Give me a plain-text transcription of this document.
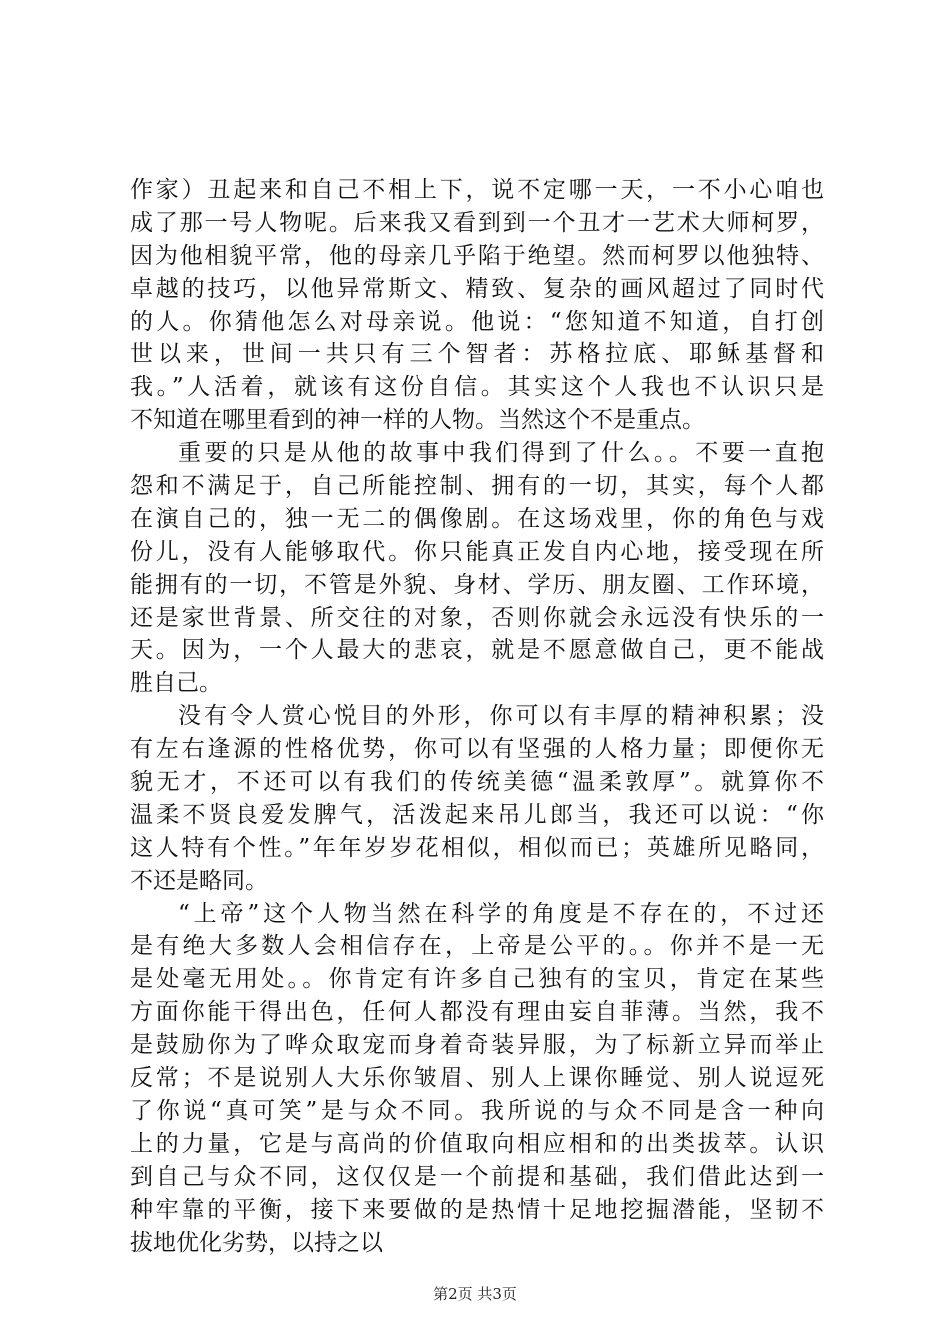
作家）丑起来和自己不相上下，说不定哪一天，一不小心咱也
成了那一号人物呢。后来我又看到到一个丑才一艺术大师柯罗，
因为他相貌平常，他的母亲几乎陷于绝望。然而柯罗以他独特、
卓越的技巧，以他异常斯文、精致、复杂的画风超过了同时代
的人。你猜他怎么对母亲说。他说：“您知道不知道，自打创
世以来，世间一共只有三个智者：苏格拉底、耶稣基督和
我。”人活着，就该有这份自信。其实这个人我也不认识只是
不知道在哪里看到的神一样的人物。当然这个不是重点。
重要的只是从他的故事中我们得到了什么。。不要一直抱
怨和不满足于，自己所能控制、拥有的一切，其实，每个人都
在演自己的，独一无二的偶像剧。在这场戏里，你的角色与戏
份儿，没有人能够取代。你只能真正发自内心地，接受现在所
能拥有的一切，不管是外貌、身材、学历、朋友圈、工作环境，
还是家世背景、所交往的对象，否则你就会永远没有快乐的一
天。因为，一个人最大的悲哀，就是不愿意做自己，更不能战
胜自己。
没有令人赏心悦目的外形，你可以有丰厚的精神积累；没
有左右逢源的性格优势，你可以有坚强的人格力量；即便你无
貌无才，不还可以有我们的传统美德“温柔敦厚”。就算你不
温柔不贤良爱发脾气，活泼起来吊儿郎当，我还可以说：“你
这人特有个性。”年年岁岁花相似，相似而已；英雄所见略同，
不还是略同。
“上帝”这个人物当然在科学的角度是不存在的，不过还
是有绝大多数人会相信存在，上帝是公平的。。你并不是一无
是处毫无用处。。你肯定有许多自己独有的宝贝，肯定在某些
方面你能干得出色，任何人都没有理由妄自菲薄。当然，我不
是鼓励你为了哗众取宠而身着奇装异服，为了标新立异而举止
反常；不是说别人大乐你皱眉、别人上课你睡觉、别人说逗死
了你说“真可笑”是与众不同。我所说的与众不同是含一种向
上的力量，它是与高尚的价值取向相应相和的出类拔萃。认识
到自己与众不同，这仅仅是一个前提和基础，我们借此达到一
种牢靠的平衡，接下来要做的是热情十足地挖掘潜能，坚韧不
拔地优化劣势，以持之以
第2页 共3页
